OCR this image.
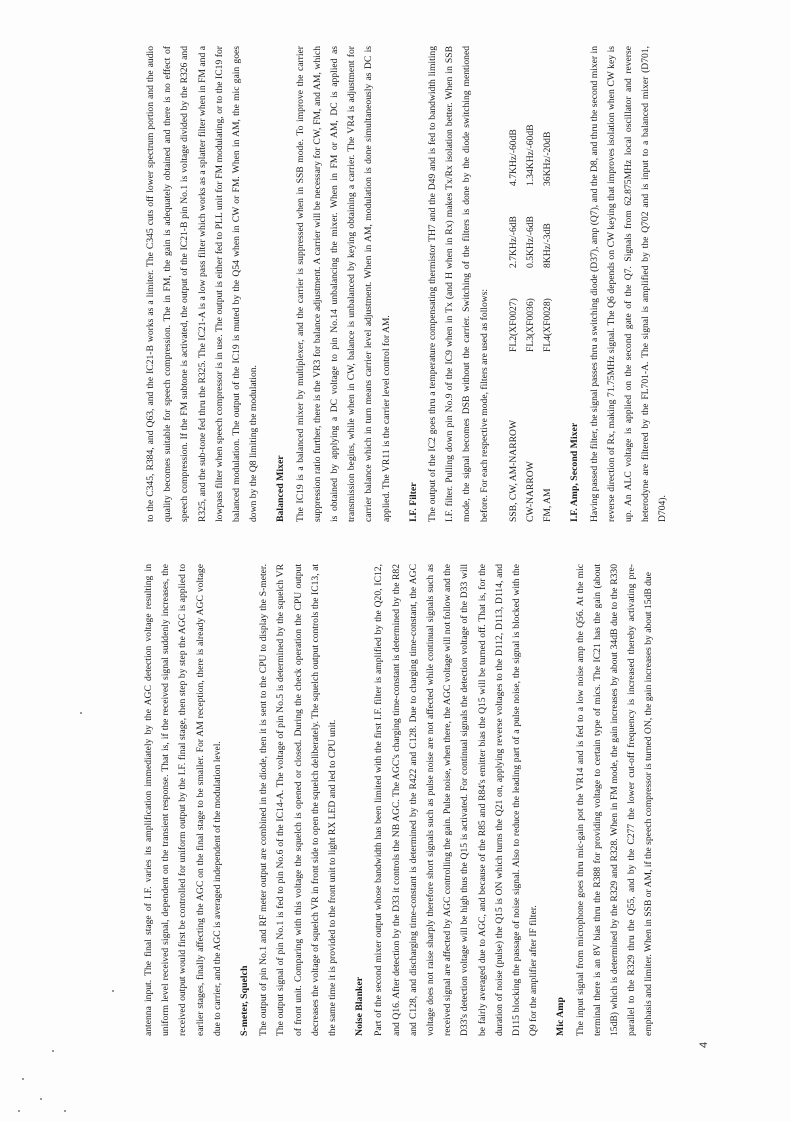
4

antenna input. The final stage of I.F. varies its amplification immediately by the AGC detection voltage resulting in uniform level received signal, dependent on the transient response. That is, if the received signal suddenly increases, the received output would first be controlled for uniform output by the I.F. final stage, then step by step the AGC is applied to earlier stages, finally affecting the AGC on the final stage to be smaller. For AM reception, there is already AGC voltage due to carrier, and the AGC is averaged independent of the modulation level.	S-meter, Squelch The output of pin No.1 and RF meter output are combined in the diode, then it is sent to the CPU to display the S-meter. The output signal of pin No.1 is fed to pin No.6 of the IC14-A. The voltage of pin No.5 is determined by the squelch VR of front unit. Comparing with this voltage the squelch is opened or closed. During the check operation the CPU output decreases the voltage of squelch VR in front side to open the squelch deliberately. The squelch output controls the IC13, at the same time it is provided to the front unit to light RX LED and led to CPU unit.	Noise Blanker Part of the second mixer output whose bandwidth has been limited with the first I.F. filter is amplified by the Q20, IC12, and Q16. After detection by the D33 it controls the NB AGC. The AGC's charging time-constant is determined by the R82 and C128, and discharging time-constant is determined by the R422 and C128. Due to charging time-constant, the AGC voltage does not raise sharply therefore short signals such as pulse noise are not affected while continual signals such as received signal are affected by AGC controlling the gain. Pulse noise, when there, the AGC voltage will not follow and the D33's detection voltage will be high thus the Q15 is activated. For continual signals the detection voltage of the D33 will be fairly averaged due to AGC, and because of the R85 and R84's emitter bias the Q15 will be turned off. That is, for the duration of noise (pulse) the Q15 is ON which turns the Q21 on, applying reverse voltages to the D112, D113, D114, and D115 blocking the passage of noise signal. Also to reduce the leading part of a pulse noise, the signal is blocked with the Q9 for the amplifier after IF filter.	Mic Amp The input signal from microphone goes thru mic-gain pot the VR14 and is fed to a low noise amp the Q56. At the mic terminal there is an 8V bias thru the R388 for providing voltage to certain type of mics. The IC21 has the gain (about 15dB) which is determined by the R329 and R328. When in FM mode, the gain increases by about 34dB due to the R330 parallel to the R329 thru the Q55, and by the C277 the lower cut-off frequency is increased thereby activating pre-emphasis and limiter. When in SSB or AM, if the speech compressor is turned ON, the gain increases by about 15dB due

to the C345, R384, and Q63, and the IC21-B works as a limiter. The C345 cuts off lower spectrum portion and the audio quality becomes suitable for speech compression. The in FM, the gain is adequately obtained and there is no effect of speech compression. If the FM subtone is activated, the output of the IC21-B pin No.1 is voltage divided by the R326 and R325, and the sub-tone fed thru the R325. The IC21-A is a low pass filter which works as a splatter filter when in FM and a lowpass filter when speech compressor is in use. The output is either fed to PLL unit for FM modulating, or to the IC19 for balanced modulation. The output of the IC19 is muted by the Q54 when in CW or FM. When in AM, the mic gain goes down by the Q8 limiting the modulation.	Balanced Mixer The IC19 is a balanced mixer by multiplexer, and the carrier is suppressed when in SSB mode. To improve the carrier suppression ratio further, there is the VR3 for balance adjustment. A carrier will be necessary for CW, FM, and AM, which is obtained by applying a DC voltage to pin No.14 unbalancing the mixer. When in FM or AM, DC is applied as transmission begins, while when in CW, balance is unbalanced by keying obtaining a carrier. The VR4 is adjustment for carrier balance which in turn means carrier level adjustment. When in AM, modulation is done simultaneously as DC is applied. The VR11 is the carrier level control for AM.	I.F. Filter The output of the IC2 goes thru a temperature compensating thermistor TH7 and the D49 and is fed to bandwidth limiting I.F. filter. Pulling down pin No.9 of the IC9 when in Tx (and H when in Rx) makes Tx/Rx isolation better. When in SSB mode, the signal becomes DSB without the carrier. Switching of the filters is done by the diode switching mentioned before. For each respective mode, filters are used as follows:	SSB, CW, AM-NARROW	FL2(XF0027)	2.7KHz/-6dB	4.7KHz/-60dB
CW-NARROW	FL3(XF0036)	0.5KHz/-6dB	1.34KHz/-60dB
FM, AM	FL4(XF0028)	8KHz/-3dB	36KHz/-20dB
I.F. Amp, Second Mixer Having passed the filter, the signal passes thru a switching diode (D37), amp (Q7), and the D8, and thru the second mixer in reverse direction of Rx, making 71.75MHz signal. The Q6 depends on CW keying that improves isolation when CW key is up. An ALC voltage is applied on the second gate of the Q7. Signals from 62.875MHz local oscillator and reverse heterodyne are filtered by the FL701-A. The signal is amplified by the Q702 and is input to a balanced mixer (D701, D704).
